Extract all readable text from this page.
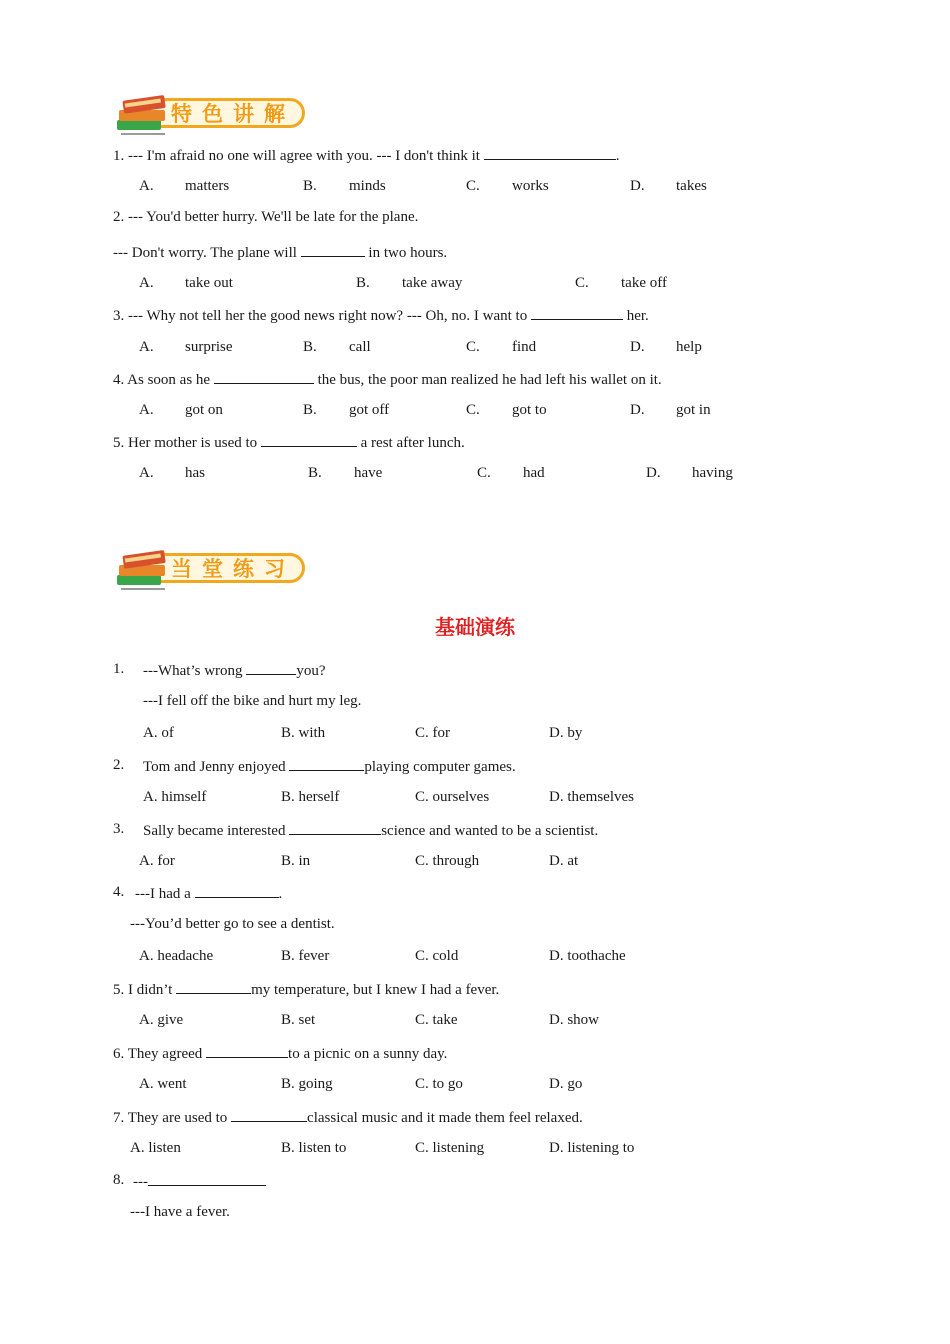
特色讲解
1. --- I'm afraid no one will agree with you. --- I don't think it	.
A. matters	B. minds	C. works	D. takes
2. --- You'd better hurry. We'll be late for the plane.
--- Don't worry. The plane will	in two hours.
A. take out	B. take away	C. take off
3. --- Why not tell her the good news right now? --- Oh, no. I want to	her.
A. surprise	B. call	C. find	D. help
4. As soon as he	the bus, the poor man realized he had left his wallet on it.
A. got on	B. got off	C. got to	D. got in
5. Her mother is used to	a rest after lunch.
A. has	B. have	C. had	D. having
当堂练习
基础演练
1. ---What’s wrong	you?
---I fell off the bike and hurt my leg.
A. of	B. with	C. for	D. by
2. Tom and Jenny enjoyed	playing computer games.
A. himself	B. herself	C. ourselves	D. themselves
3. Sally became interested	science and wanted to be a scientist.
A. for	B. in	C. through	D. at
4. ---I had a	.
---You’d better go to see a dentist.
A. headache	B. fever	C. cold	D. toothache
5. I didn’t	my temperature, but I knew I had a fever.
A. give	B. set	C. take	D. show
6. They agreed	to a picnic on a sunny day.
A. went	B. going	C. to go	D. go
7. They are used to	classical music and it made them feel relaxed.
A. listen	B. listen to	C. listening	D. listening to
8. ---
---I have a fever.
